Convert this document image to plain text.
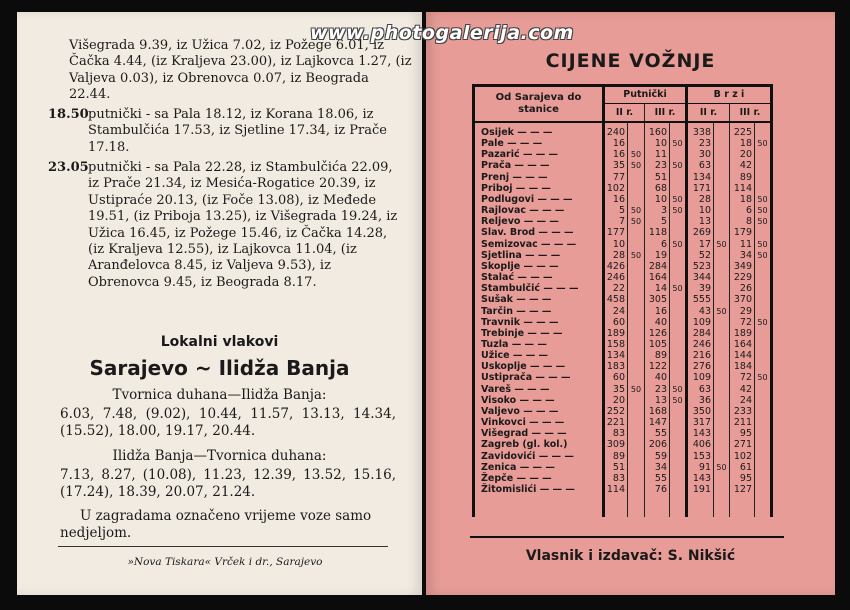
Višegrada 9.39, iz Užica 7.02, iz Požege 6.01, iz Čačka 4.44, (iz Kraljeva 23.00), iz Lajkovca 1.27, (iz Valjeva 0.03), iz Obrenovca 0.07, iz Beograda 22.44.
18.50 putnički - sa Pala 18.12, iz Korana 18.06, iz Stambulčića 17.53, iz Sjetline 17.34, iz Prače 17.18.
23.05 putnički - sa Pala 22.28, iz Stambulčića 22.09, iz Prače 21.34, iz Mesića-Rogatice 20.39, iz Ustipraće 20.13, (iz Foče 13.08), iz Međede 19.51, (iz Priboja 13.25), iz Višegrada 19.24, iz Užica 16.45, iz Požege 15.46, iz Čačka 14.28, (iz Kraljeva 12.55), iz Lajkovca 11.04, (iz Aranđelovca 8.45, iz Valjeva 9.53), iz Obrenovca 9.45, iz Beograda 8.17.
Lokalni vlakovi
Sarajevo ~ Ilidža Banja
Tvornica duhana—Ilidža Banja:
6.03, 7.48, (9.02), 10.44, 11.57, 13.13, 14.34, (15.52), 18.00, 19.17, 20.44.
Ilidža Banja—Tvornica duhana:
7.13, 8.27, (10.08), 11.23, 12.39, 13.52, 15.16, (17.24), 18.39, 20.07, 21.24.
U zagradama označeno vrijeme voze samo nedjeljom.
»Nova Tiskara« Vrček i dr., Sarajevo
www.photogalerija.com
CIJENE VOŽNJE
Od Sarajeva do stanice	Putnički				B r z i			
	II r.		III r.		II r.		III r.	
Osijek — — —	240		160		338		225	
Pale — — —	16		10	50	23		18	50
Pazarić — — —	16	50	11		30		20	
Prača — — —	35	50	23	50	63		42	
Prenj — — —	77		51		134		89	
Priboj — — —	102		68		171		114	
Podlugovi — — —	16		10	50	28		18	50
Rajlovac — — —	5	50	3	50	10		6	50
Reljevo — — —	7	50	5		13		8	50
Slav. Brod — — —	177		118		269		179	
Semizovac — — —	10		6	50	17	50	11	50
Sjetlina — — —	28	50	19		52		34	50
Skoplje — — —	426		284		523		349	
Stalać — — —	246		164		344		229	
Stambulčić — — —	22		14	50	39		26	
Sušak — — —	458		305		555		370	
Tarčin — — —	24		16		43	50	29	
Travnik — — —	60		40		109		72	50
Trebinje — — —	189		126		284		189	
Tuzla — — —	158		105		246		164	
Užice — — —	134		89		216		144	
Uskoplje — — —	183		122		276		184	
Ustiprača — — —	60		40		109		72	50
Vareš — — —	35	50	23	50	63		42	
Visoko — — —	20		13	50	36		24	
Valjevo — — —	252		168		350		233	
Vinkovci — — —	221		147		317		211	
Višegrad — — —	83		55		143		95	
Zagreb (gl. kol.)	309		206		406		271	
Zavidovići — — —	89		59		153		102	
Zenica — — —	51		34		91	50	61	
Žepče — — —	83		55		143		95	
Žitomislići — — —	114		76		191		127	

Vlasnik i izdavač: S. Nikšić
